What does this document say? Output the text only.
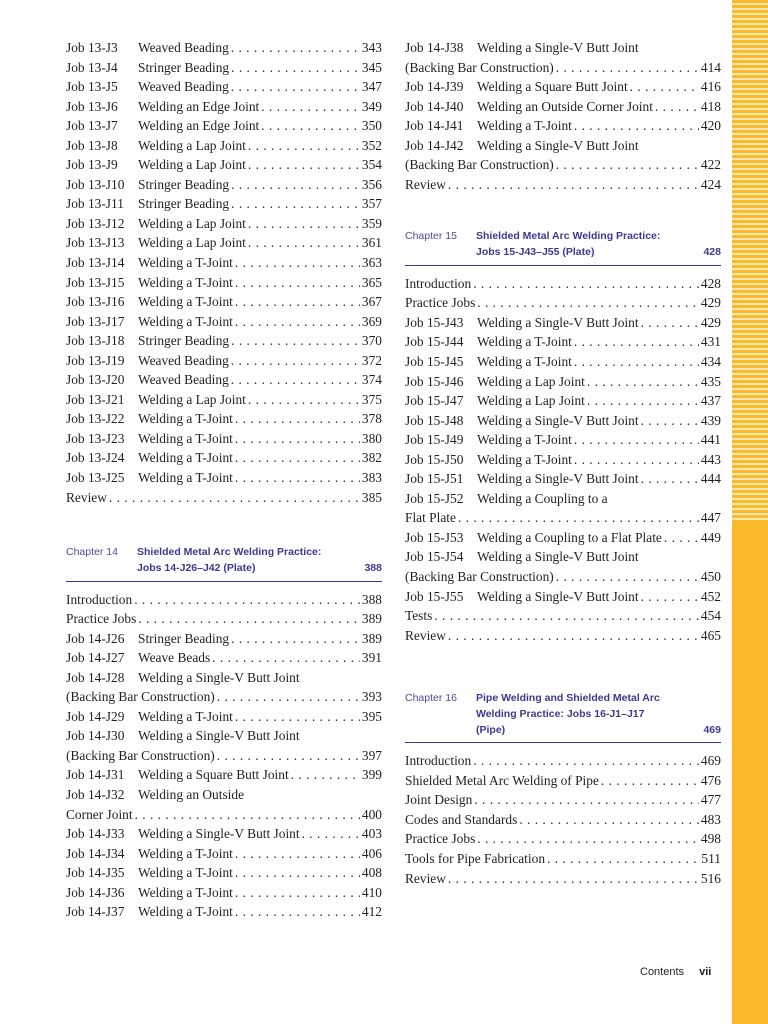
Job 13-J3	Weaved Beading . . .	343
Job 13-J4	Stringer Beading . . .	345
Job 13-J5	Weaved Beading . . .	347
Job 13-J6	Welding an Edge Joint . . .	349
Job 13-J7	Welding an Edge Joint . . .	350
Job 13-J8	Welding a Lap Joint . . .	352
Job 13-J9	Welding a Lap Joint . . .	354
Job 13-J10	Stringer Beading . . .	356
Job 13-J11	Stringer Beading . . .	357
Job 13-J12	Welding a Lap Joint . . .	359
Job 13-J13	Welding a Lap Joint . . .	361
Job 13-J14	Welding a T-Joint . . .	363
Job 13-J15	Welding a T-Joint . . .	365
Job 13-J16	Welding a T-Joint . . .	367
Job 13-J17	Welding a T-Joint . . .	369
Job 13-J18	Stringer Beading . . .	370
Job 13-J19	Weaved Beading . . .	372
Job 13-J20	Weaved Beading . . .	374
Job 13-J21	Welding a Lap Joint . . .	375
Job 13-J22	Welding a T-Joint . . .	378
Job 13-J23	Welding a T-Joint . . .	380
Job 13-J24	Welding a T-Joint . . .	382
Job 13-J25	Welding a T-Joint . . .	383
Review . . .	385
Chapter 14 Shielded Metal Arc Welding Practice: Jobs 14-J26–J42 (Plate)	388
Introduction . . .	388
Practice Jobs . . .	389
Job 14-J26	Stringer Beading . . .	389
Job 14-J27	Weave Beads . . .	391
Job 14-J28	Welding a Single-V Butt Joint
(Backing Bar Construction) . . .	393
Job 14-J29	Welding a T-Joint . . .	395
Job 14-J30	Welding a Single-V Butt Joint
(Backing Bar Construction) . . .	397
Job 14-J31	Welding a Square Butt Joint . . .	399
Job 14-J32	Welding an Outside
Corner Joint . . .	400
Job 14-J33	Welding a Single-V Butt Joint . . .	403
Job 14-J34	Welding a T-Joint . . .	406
Job 14-J35	Welding a T-Joint . . .	408
Job 14-J36	Welding a T-Joint . . .	410
Job 14-J37	Welding a T-Joint . . .	412
Job 14-J38	Welding a Single-V Butt Joint
(Backing Bar Construction) . . .	414
Job 14-J39	Welding a Square Butt Joint . . .	416
Job 14-J40	Welding an Outside Corner Joint . . .	418
Job 14-J41	Welding a T-Joint . . .	420
Job 14-J42	Welding a Single-V Butt Joint
(Backing Bar Construction) . . .	422
Review . . .	424
Chapter 15 Shielded Metal Arc Welding Practice: Jobs 15-J43–J55 (Plate)	428
Introduction . . .	428
Practice Jobs . . .	429
Job 15-J43	Welding a Single-V Butt Joint . . .	429
Job 15-J44	Welding a T-Joint . . .	431
Job 15-J45	Welding a T-Joint . . .	434
Job 15-J46	Welding a Lap Joint . . .	435
Job 15-J47	Welding a Lap Joint . . .	437
Job 15-J48	Welding a Single-V Butt Joint . . .	439
Job 15-J49	Welding a T-Joint . . .	441
Job 15-J50	Welding a T-Joint . . .	443
Job 15-J51	Welding a Single-V Butt Joint . . .	444
Job 15-J52	Welding a Coupling to a
Flat Plate . . .	447
Job 15-J53	Welding a Coupling to a Flat Plate . . .	449
Job 15-J54	Welding a Single-V Butt Joint
(Backing Bar Construction) . . .	450
Job 15-J55	Welding a Single-V Butt Joint . . .	452
Tests . . .	454
Review . . .	465
Chapter 16 Pipe Welding and Shielded Metal Arc Welding Practice: Jobs 16-J1–J17 (Pipe)	469
Introduction . . .	469
Shielded Metal Arc Welding of Pipe . . .	476
Joint Design . . .	477
Codes and Standards . . .	483
Practice Jobs . . .	498
Tools for Pipe Fabrication . . .	511
Review . . .	516
Contents vii
